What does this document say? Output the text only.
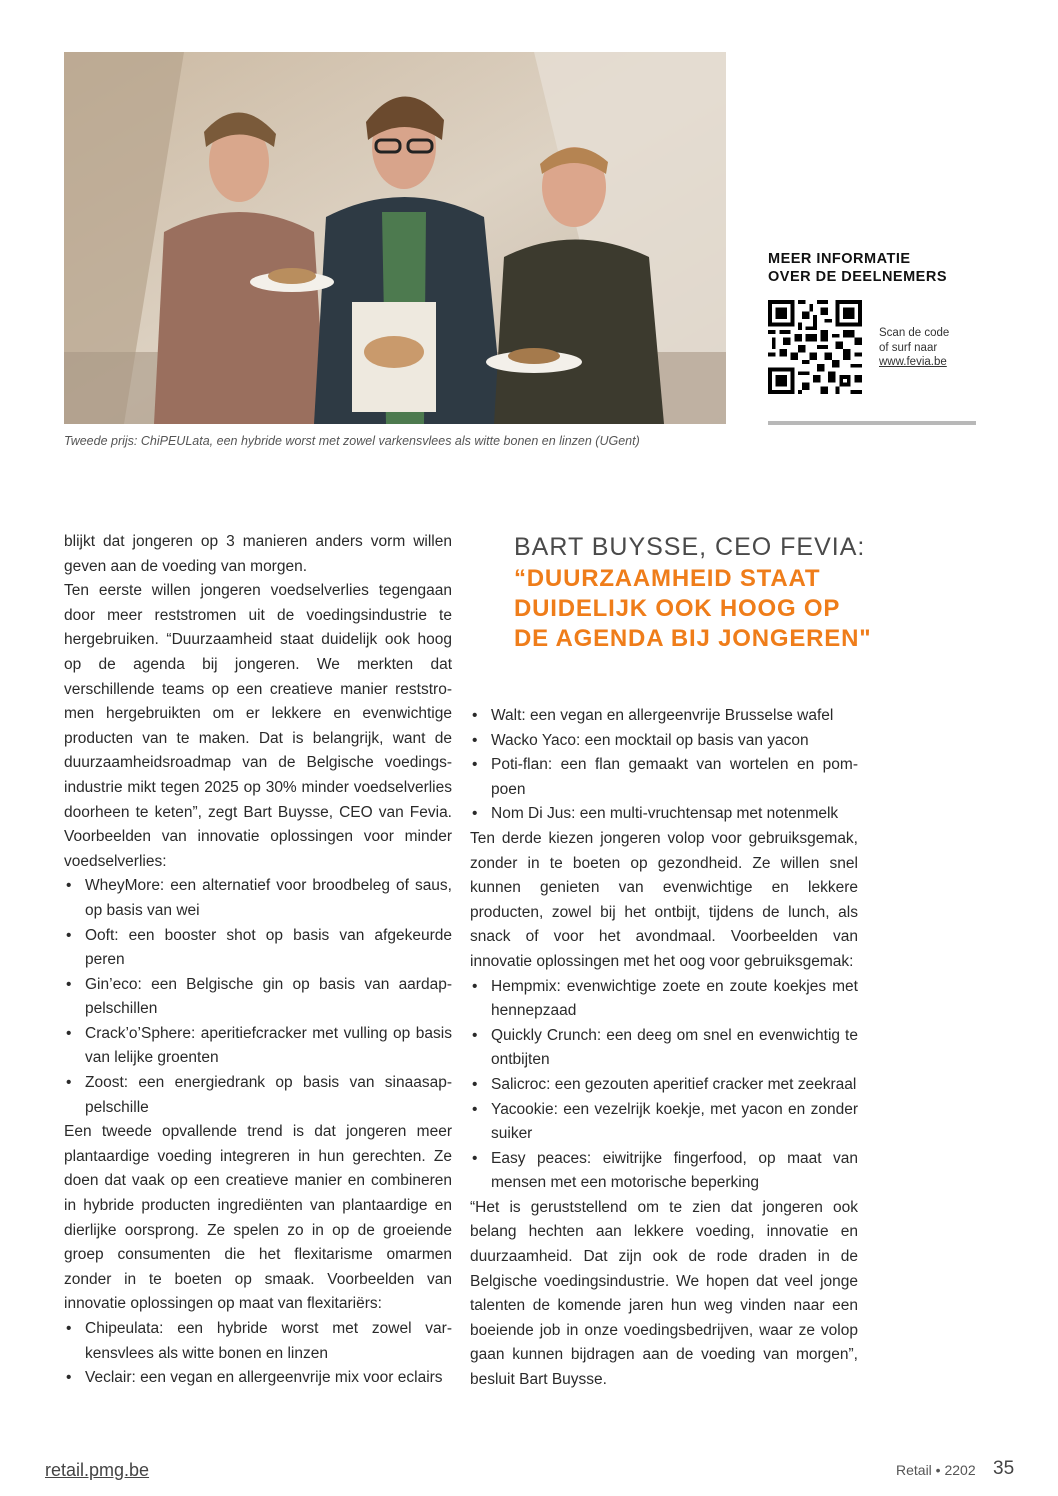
Tweede prijs: ChiPEULata, een hybride worst met zowel varkensvlees als witte bonen en linzen (UGent)
MEER INFORMATIE
OVER DE DEELNEMERS
Scan de code
of surf naar
www.fevia.be
BART BUYSSE, CEO FEVIA:
“DUURZAAMHEID STAAT
DUIDELIJK OOK HOOG OP
DE AGENDA BIJ JONGEREN"

blijkt dat jongeren op 3 manieren anders vorm willen geven aan de voeding van morgen.

Ten eerste willen jongeren voedselverlies tegengaan door meer reststromen uit de voedingsindustrie te hergebruiken. “Duurzaamheid staat duidelijk ook hoog op de agenda bij jongeren. We merkten dat verschillende teams op een creatieve manier reststromen hergebruikten om er lekkere en evenwichtige producten van te maken. Dat is belangrijk, want de duurzaamheidsroadmap van de Belgische voedingsindustrie mikt tegen 2025 op 30% minder voedselverlies doorheen te keten”, zegt Bart Buysse, CEO van Fevia. Voorbeelden van innovatie oplossingen voor minder voedselverlies:

• WheyMore: een alternatief voor broodbeleg of saus, op basis van wei
• Ooft: een booster shot op basis van afgekeurde peren
• Gin’eco: een Belgische gin op basis van aardappelschillen
• Crack’o’Sphere: aperitiefcracker met vulling op basis van lelijke groenten
• Zoost: een energiedrank op basis van sinaasappelschille

Een tweede opvallende trend is dat jongeren meer plantaardige voeding integreren in hun gerechten. Ze doen dat vaak op een creatieve manier en combineren in hybride producten ingrediënten van plantaardige en dierlijke oorsprong. Ze spelen zo in op de groeiende groep consumenten die het flexitarisme omarmen zonder in te boeten op smaak. Voorbeelden van innovatie oplossingen op maat van flexitariërs:

• Chipeulata: een hybride worst met zowel varkensvlees als witte bonen en linzen
• Veclair: een vegan en allergeenvrije mix voor eclairs
• Walt: een vegan en allergeenvrije Brusselse wafel
• Wacko Yaco: een mocktail op basis van yacon
• Poti-flan: een flan gemaakt van wortelen en pompoen
• Nom Di Jus: een multi-vruchtensap met notenmelk

Ten derde kiezen jongeren volop voor gebruiksgemak, zonder in te boeten op gezondheid. Ze willen snel kunnen genieten van evenwichtige en lekkere producten, zowel bij het ontbijt, tijdens de lunch, als snack of voor het avondmaal. Voorbeelden van innovatie oplossingen met het oog voor gebruiksgemak:

• Hempmix: evenwichtige zoete en zoute koekjes met hennepzaad
• Quickly Crunch: een deeg om snel en evenwichtig te ontbijten
• Salicroc: een gezouten aperitief cracker met zeekraal
• Yacookie: een vezelrijk koekje, met yacon en zonder suiker
• Easy peaces: eiwitrijke fingerfood, op maat van mensen met een motorische beperking

“Het is geruststellend om te zien dat jongeren ook belang hechten aan lekkere voeding, innovatie en duurzaamheid. Dat zijn ook de rode draden in de Belgische voedingsindustrie. We hopen dat veel jonge talenten de komende jaren hun weg vinden naar een boeiende job in onze voedingsbedrijven, waar ze volop gaan kunnen bijdragen aan de voeding van morgen”, besluit Bart Buysse.

retail.pmg.be	Retail • 2202 35
